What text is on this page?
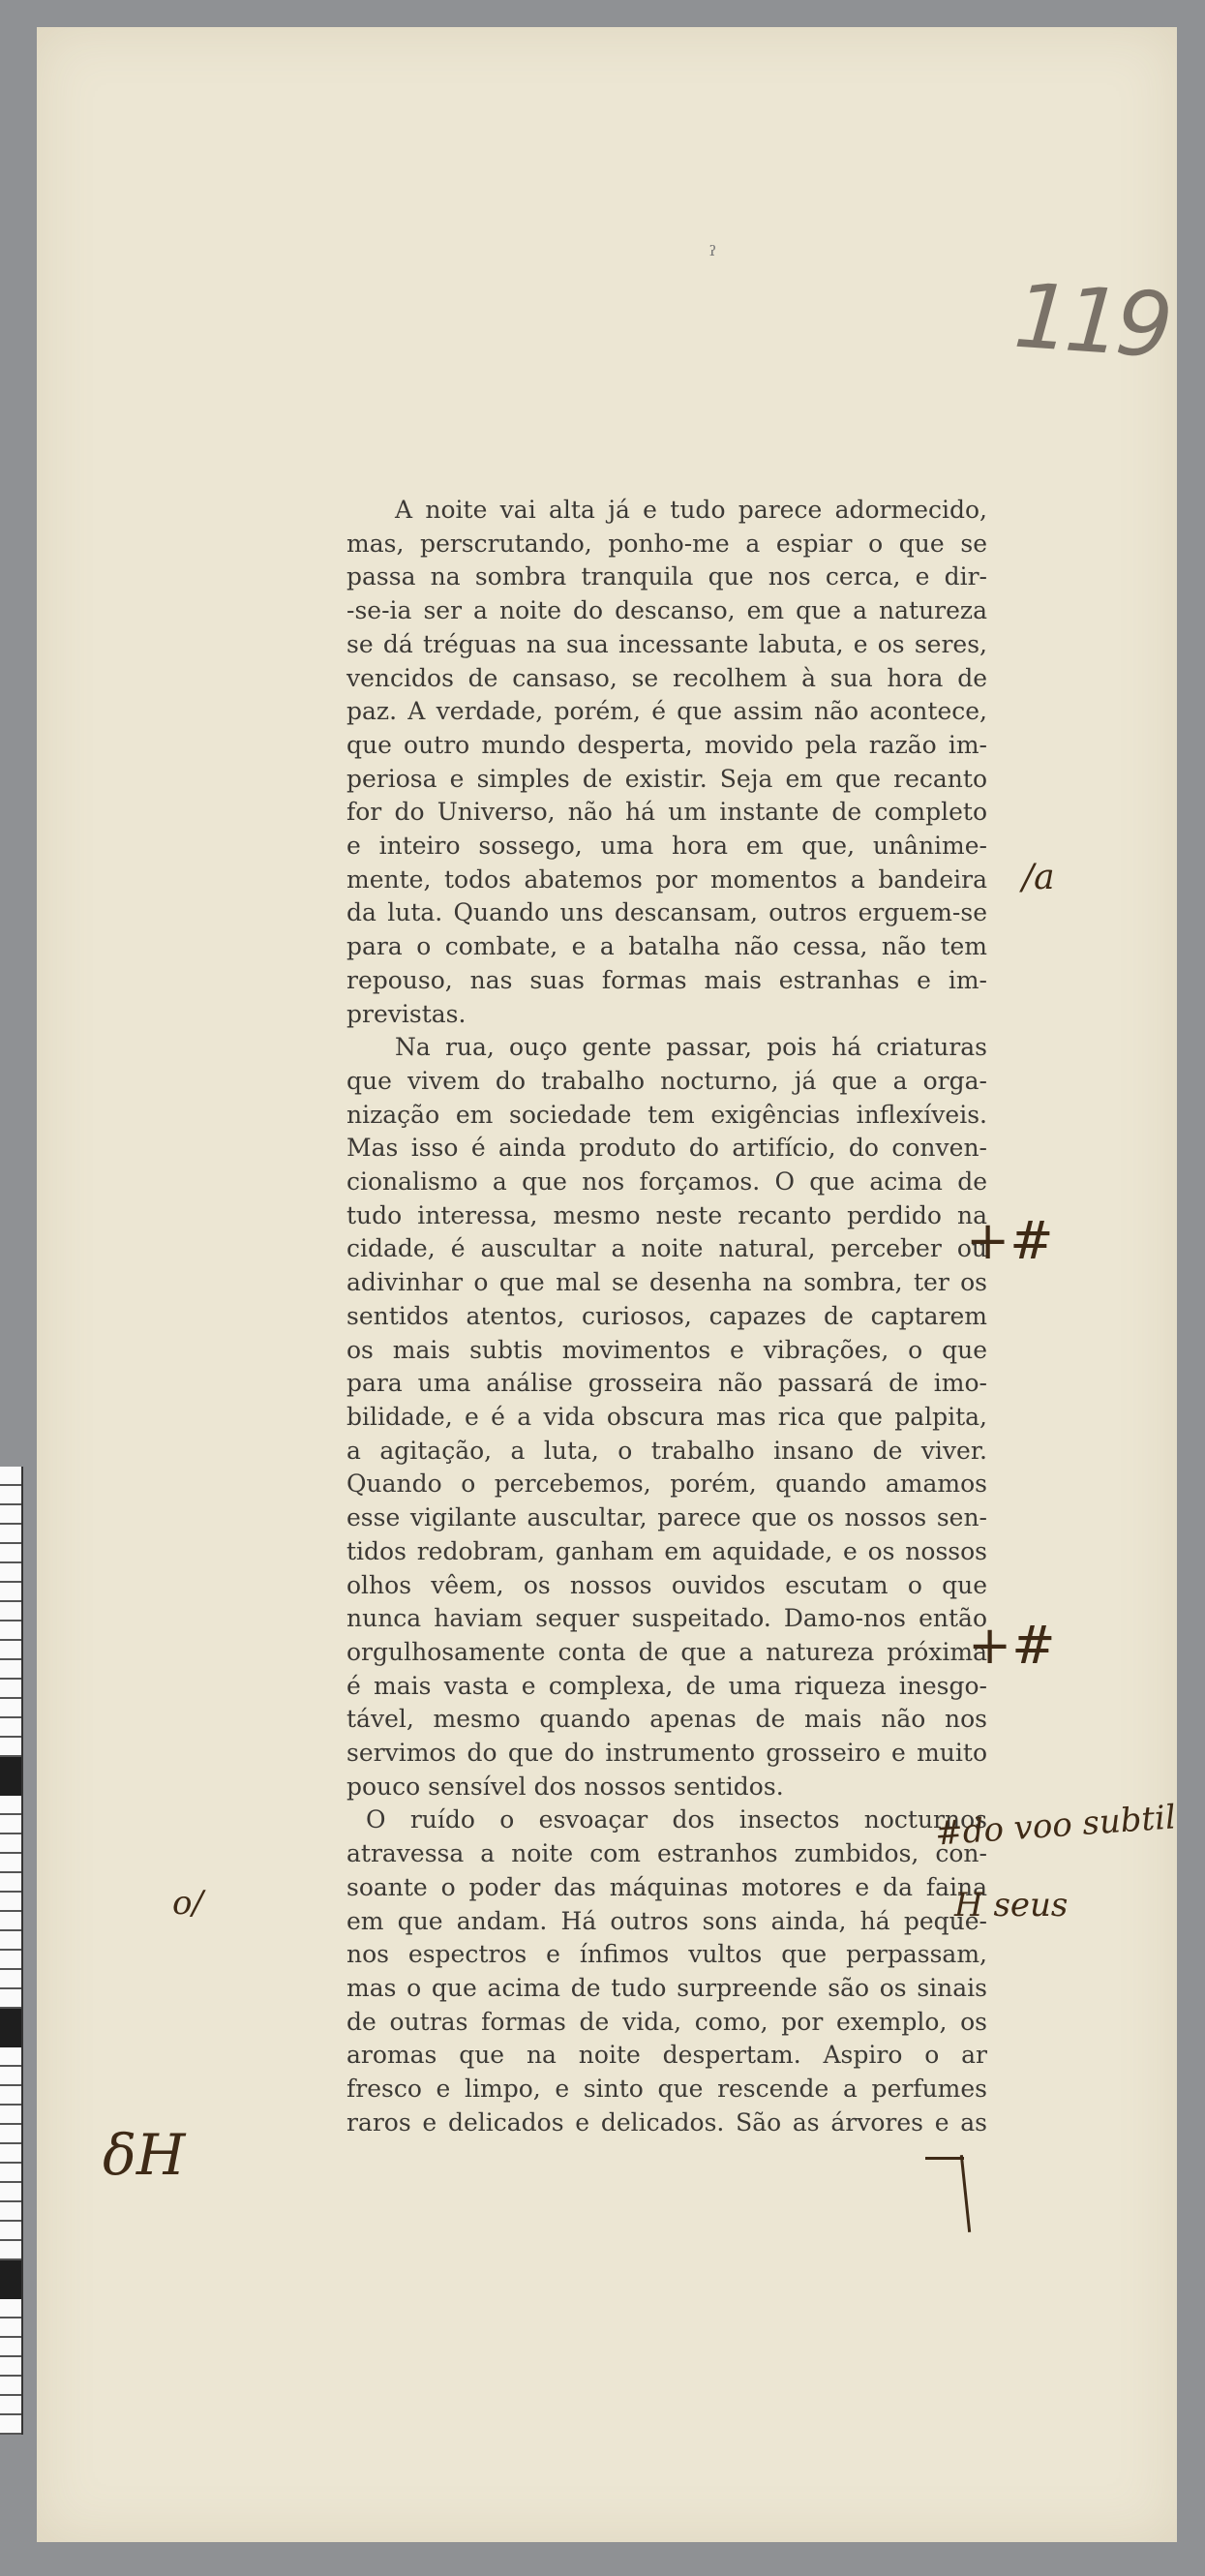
ˀ
119
A noite vai alta já e tudo parece adormecido,
mas, perscrutando, ponho-me a espiar o que se
passa na sombra tranquila que nos cerca, e dir-
-se-ia ser a noite do descanso, em que a natureza
se dá tréguas na sua incessante labuta, e os seres,
vencidos de cansaso, se recolhem à sua hora de
paz. A verdade, porém, é que assim não acontece,
que outro mundo desperta, movido pela razão im-
periosa e simples de existir. Seja em que recanto
for do Universo, não há um instante de completo
e inteiro sossego, uma hora em que, unânime-
mente, todos abatemos por momentos a bandeira
da luta. Quando uns descansam, outros erguem-se
para o combate, e a batalha não cessa, não tem
repouso, nas suas formas mais estranhas e im-
previstas.
Na rua, ouço gente passar, pois há criaturas
que vivem do trabalho nocturno, já que a orga-
nização em sociedade tem exigências inflexíveis.
Mas isso é ainda produto do artifício, do conven-
cionalismo a que nos forçamos. O que acima de
tudo interessa, mesmo neste recanto perdido na
cidade, é auscultar a noite natural, perceber ou
adivinhar o que mal se desenha na sombra, ter os
sentidos atentos, curiosos, capazes de captarem
os mais subtis movimentos e vibrações, o que
para uma análise grosseira não passará de imo-
bilidade, e é a vida obscura mas rica que palpita,
a agitação, a luta, o trabalho insano de viver.
Quando o percebemos, porém, quando amamos
esse vigilante auscultar, parece que os nossos sen-
tidos redobram, ganham em aquidade, e os nossos
olhos vêem, os nossos ouvidos escutam o que
nunca haviam sequer suspeitado. Damo-nos então
orgulhosamente conta de que a natureza próxima
é mais vasta e complexa, de uma riqueza inesgo-
tável, mesmo quando apenas de mais não nos
servimos do que do instrumento grosseiro e muito
pouco sensível dos nossos sentidos.
O ruído o esvoaçar dos insectos nocturnos
atravessa a noite com estranhos zumbidos, con-
soante o poder das máquinas motores e da faina
em que andam. Há outros sons ainda, há peque-
nos espectros e ínfimos vultos que perpassam,
mas o que acima de tudo surpreende são os sinais
de outras formas de vida, como, por exemplo, os
aromas que na noite despertam. Aspiro o ar
fresco e limpo, e sinto que rescende a perfumes
raros e delicados e delicados. São as árvores e as
/a
+#
+#
#do voo subtil
H seus
o/
δH
